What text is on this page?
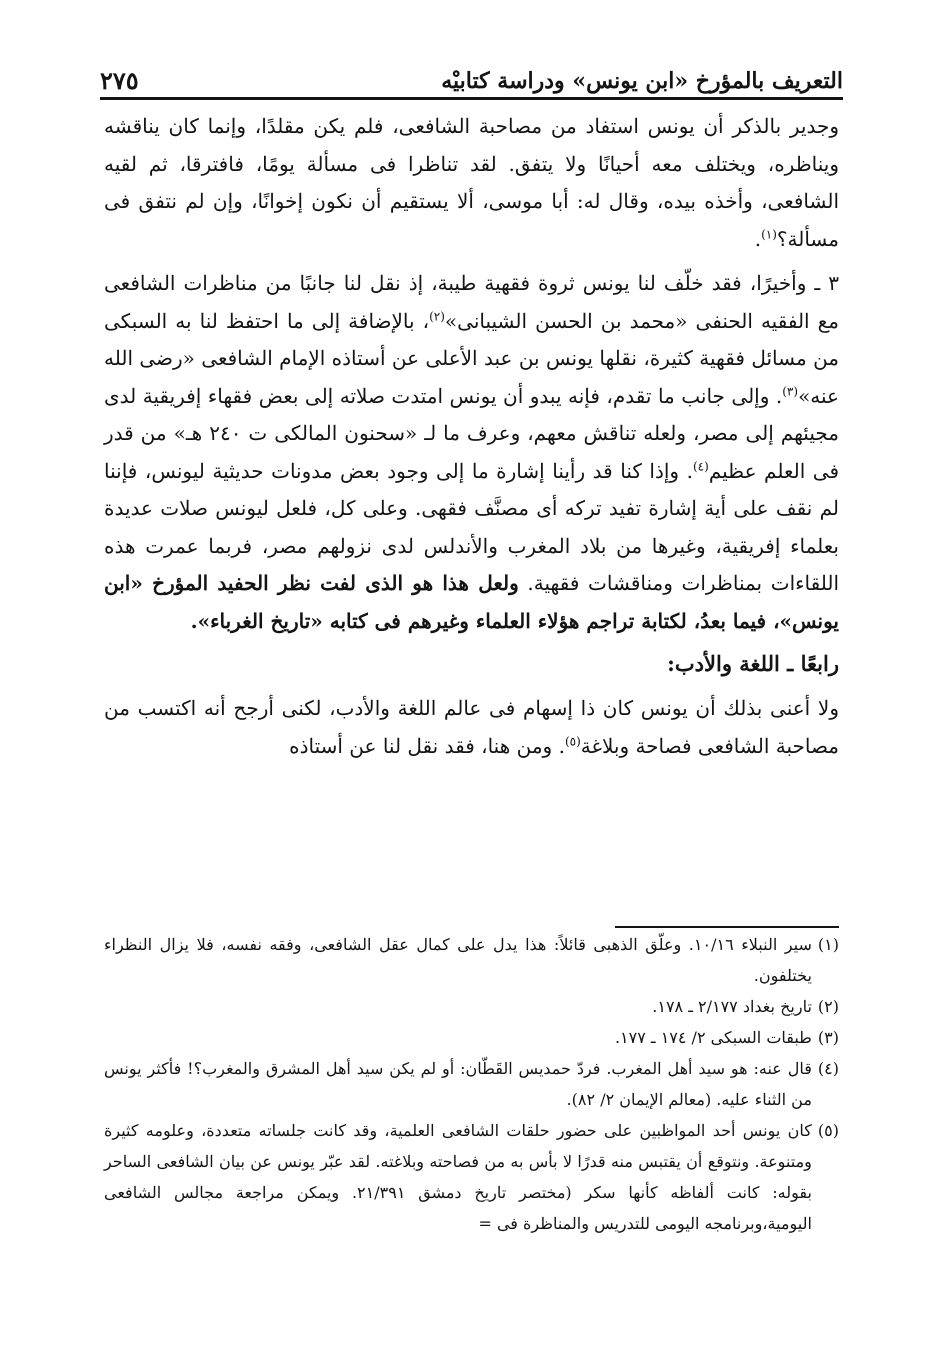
التعريف بالمؤرخ «ابن يونس» ودراسة كتابيْه
٢٧٥

وجدير بالذكر أن يونس استفاد من مصاحبة الشافعى، فلم يكن مقلدًا، وإنما كان يناقشه ويناظره، ويختلف معه أحيانًا ولا يتفق. لقد تناظرا فى مسألة يومًا، فافترقا، ثم لقيه الشافعى، وأخذه بيده، وقال له: أبا موسى، ألا يستقيم أن نكون إخوانًا، وإن لم نتفق فى مسألة؟$^{(١)}$.

٣ ـ وأخيرًا، فقد خلّف لنا يونس ثروة فقهية طيبة، إذ نقل لنا جانبًا من مناظرات الشافعى مع الفقيه الحنفى «محمد بن الحسن الشيبانى»$^{(٢)}$، بالإضافة إلى ما احتفظ لنا به السبكى من مسائل فقهية كثيرة، نقلها يونس بن عبد الأعلى عن أستاذه الإمام الشافعى «رضى الله عنه»$^{(٣)}$. وإلى جانب ما تقدم، فإنه يبدو أن يونس امتدت صلاته إلى بعض فقهاء إفريقية لدى مجيئهم إلى مصر، ولعله تناقش معهم، وعرف ما لـ «سحنون المالكى ت ٢٤٠ هـ» من قدر فى العلم عظيم$^{(٤)}$. وإذا كنا قد رأينا إشارة ما إلى وجود بعض مدونات حديثية ليونس، فإننا لم نقف على أية إشارة تفيد تركه أى مصنَّف فقهى. وعلى كل، فلعل ليونس صلات عديدة بعلماء إفريقية، وغيرها من بلاد المغرب والأندلس لدى نزولهم مصر، فربما عمرت هذه اللقاءات بمناظرات ومناقشات فقهية. ولعل هذا هو الذى لفت نظر الحفيد المؤرخ «ابن يونس»، فيما بعدُ، لكتابة تراجم هؤلاء العلماء وغيرهم فى كتابه «تاريخ الغرباء».

رابعًا ـ اللغة والأدب:

ولا أعنى بذلك أن يونس كان ذا إسهام فى عالم اللغة والأدب، لكنى أرجح أنه اكتسب من مصاحبة الشافعى فصاحة وبلاغة$^{(٥)}$. ومن هنا، فقد نقل لنا عن أستاذه

(١)
سير النبلاء ١٠/١٦. وعلّق الذهبى قائلاً: هذا يدل على كمال عقل الشافعى، وفقه نفسه، فلا يزال النظراء يختلفون.

(٢)
تاريخ بغداد ٢/١٧٧ ـ ١٧٨.

(٣)
طبقات السبكى ٢/ ١٧٤ ـ ١٧٧.

(٤)
قال عنه: هو سيد أهل المغرب. فردّ حمديس القَطّان: أو لم يكن سيد أهل المشرق والمغرب؟! فأكثر يونس من الثناء عليه. (معالم الإيمان ٢/ ٨٢).

(٥)
كان يونس أحد المواظبين على حضور حلقات الشافعى العلمية، وقد كانت جلساته متعددة، وعلومه كثيرة ومتنوعة. ونتوقع أن يقتبس منه قدرًا لا بأس به من فصاحته وبلاغته. لقد عبّر يونس عن بيان الشافعى الساحر بقوله: كانت ألفاظه كأنها سكر (مختصر تاريخ دمشق ٢١/٣٩١. ويمكن مراجعة مجالس الشافعى اليومية،وبرنامجه اليومى للتدريس والمناظرة فى =
